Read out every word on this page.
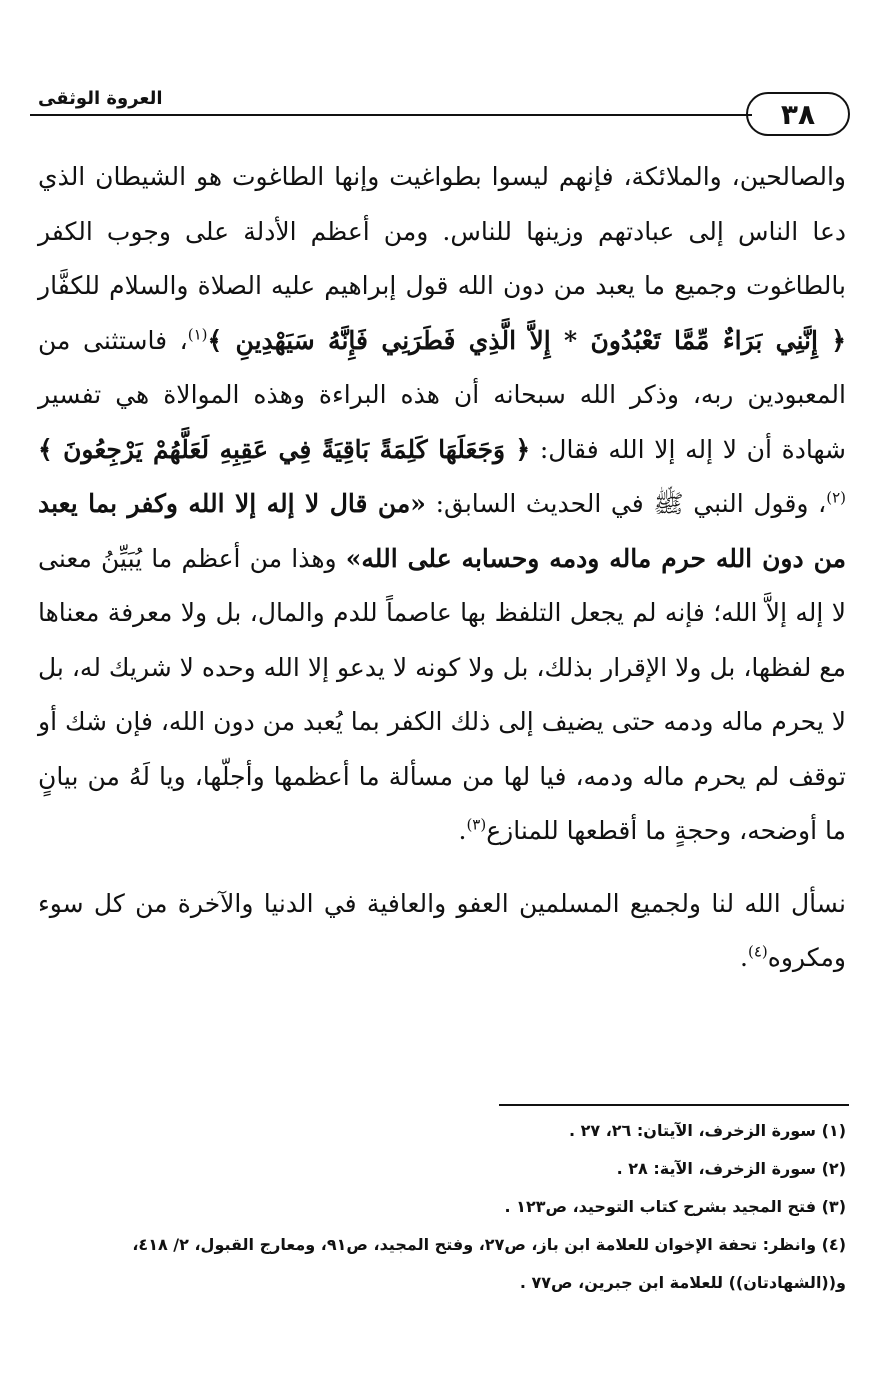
٣٨
العروة الوثقى

والصالحين، والملائكة، فإنهم ليسوا بطواغيت وإنها الطاغوت هو الشيطان الذي دعا الناس إلى عبادتهم وزينها للناس. ومن أعظم الأدلة على وجوب الكفر بالطاغوت وجميع ما يعبد من دون الله قول إبراهيم عليه الصلاة والسلام للكفَّار ﴿ إِنَّنِي بَرَاءٌ مِّمَّا تَعْبُدُونَ * إِلاَّ الَّذِي فَطَرَنِي فَإِنَّهُ سَيَهْدِينِ ﴾$^{(١)}$، فاستثنى من المعبودين ربه، وذكر الله سبحانه أن هذه البراءة وهذه الموالاة هي تفسير شهادة أن لا إله إلا الله فقال: ﴿ وَجَعَلَهَا كَلِمَةً بَاقِيَةً فِي عَقِبِهِ لَعَلَّهُمْ يَرْجِعُونَ ﴾$^{(٢)}$، وقول النبي ﷺ في الحديث السابق: «من قال لا إله إلا الله وكفر بما يعبد من دون الله حرم ماله ودمه وحسابه على الله» وهذا من أعظم ما يُبَيِّنُ معنى لا إله إلاَّ الله؛ فإنه لم يجعل التلفظ بها عاصماً للدم والمال، بل ولا معرفة معناها مع لفظها، بل ولا الإقرار بذلك، بل ولا كونه لا يدعو إلا الله وحده لا شريك له، بل لا يحرم ماله ودمه حتى يضيف إلى ذلك الكفر بما يُعبد من دون الله، فإن شك أو توقف لم يحرم ماله ودمه، فيا لها من مسألة ما أعظمها وأجلّها، ويا لَهُ من بيانٍ ما أوضحه، وحجةٍ ما أقطعها للمنازع$^{(٣)}$.

نسأل الله لنا ولجميع المسلمين العفو والعافية في الدنيا والآخرة من كل سوء ومكروه$^{(٤)}$.

(١) سورة الزخرف، الآيتان: ٢٦، ٢٧ .

(٢) سورة الزخرف، الآية: ٢٨ .

(٣) فتح المجيد بشرح كتاب التوحيد، ص١٢٣ .

(٤) وانظر: تحفة الإخوان للعلامة ابن باز، ص٢٧، وفتح المجيد، ص٩١، ومعارج القبول، ٢/ ٤١٨، و((الشهادتان)) للعلامة ابن جبرين، ص٧٧ .
